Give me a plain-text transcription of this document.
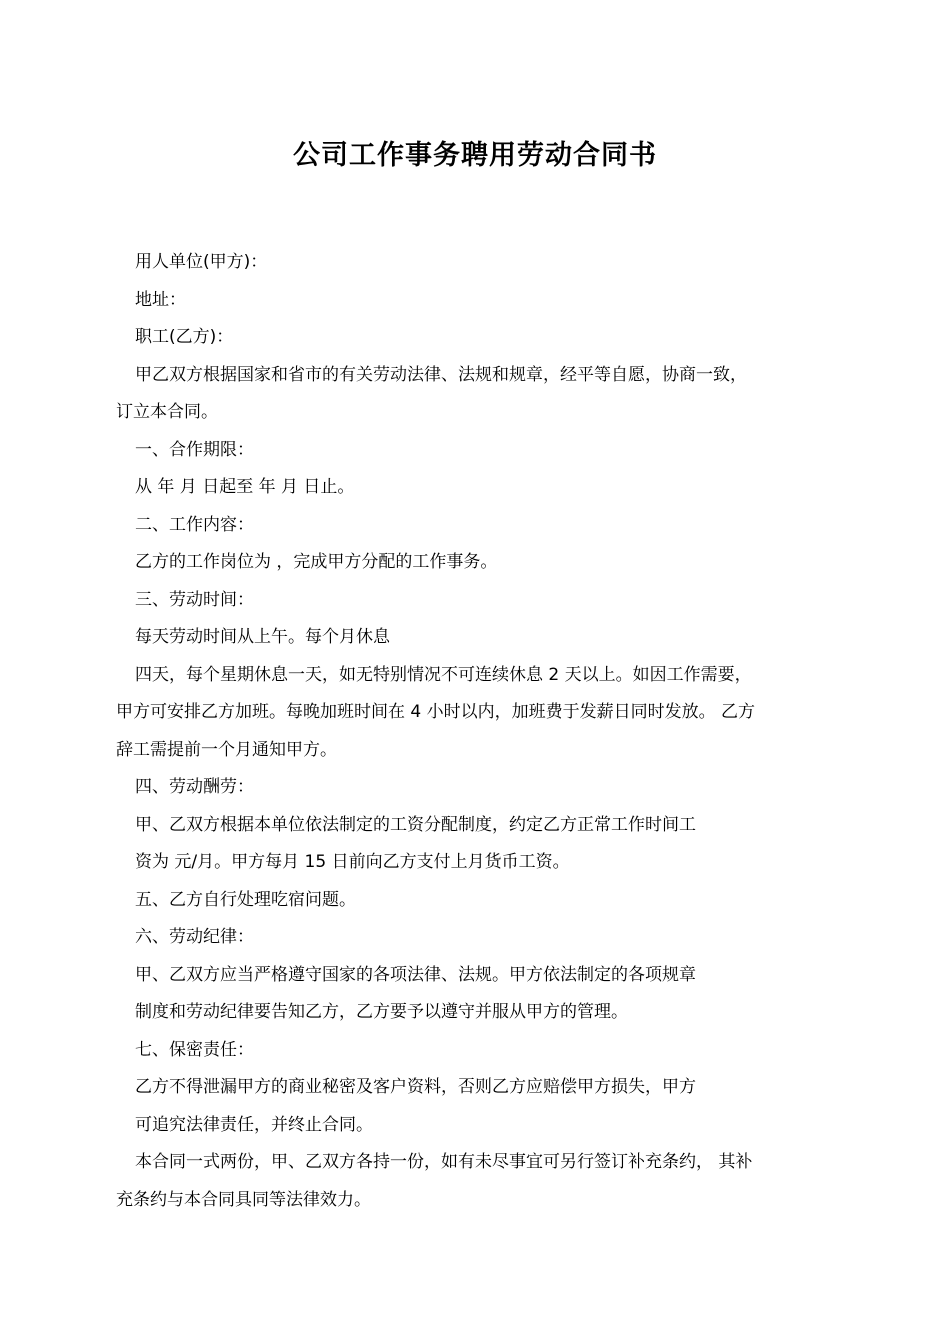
公司工作事务聘用劳动合同书
用人单位(甲方)：
地址：
职工(乙方)：
甲乙双方根据国家和省市的有关劳动法律、法规和规章，经平等自愿，协商一致，
订立本合同。
一、合作期限：
从 年 月 日起至 年 月 日止。
二、工作内容：
乙方的工作岗位为 ，完成甲方分配的工作事务。
三、劳动时间：
每天劳动时间从上午。每个月休息
四天，每个星期休息一天，如无特别情况不可连续休息 2 天以上。如因工作需要，
甲方可安排乙方加班。每晚加班时间在 4 小时以内，加班费于发薪日同时发放。 乙方
辞工需提前一个月通知甲方。
四、劳动酬劳：
甲、乙双方根据本单位依法制定的工资分配制度，约定乙方正常工作时间工
资为 元/月。甲方每月 15 日前向乙方支付上月货币工资。
五、乙方自行处理吃宿问题。
六、劳动纪律：
甲、乙双方应当严格遵守国家的各项法律、法规。甲方依法制定的各项规章
制度和劳动纪律要告知乙方，乙方要予以遵守并服从甲方的管理。
七、保密责任：
乙方不得泄漏甲方的商业秘密及客户资料，否则乙方应赔偿甲方损失，甲方
可追究法律责任，并终止合同。
本合同一式两份，甲、乙双方各持一份，如有未尽事宜可另行签订补充条约， 其补
充条约与本合同具同等法律效力。
